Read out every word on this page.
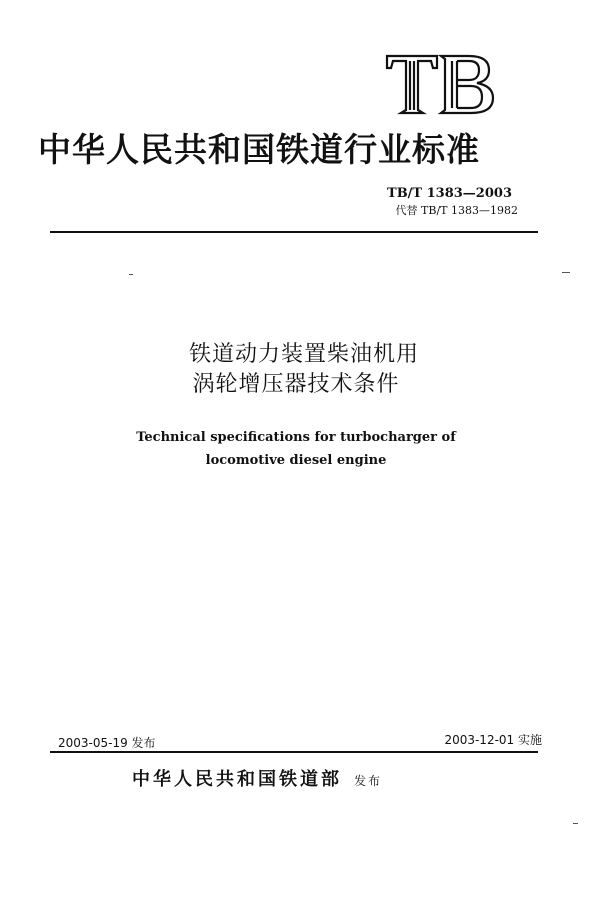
中华人民共和国铁道行业标准
TB/T 1383—2003
代替 TB/T 1383—1982
铁道动力装置柴油机用
涡轮增压器技术条件
Technical specifications for turbocharger of
locomotive diesel engine
2003-05-19 发布	2003-12-01 实施
中华人民共和国铁道部 发布
